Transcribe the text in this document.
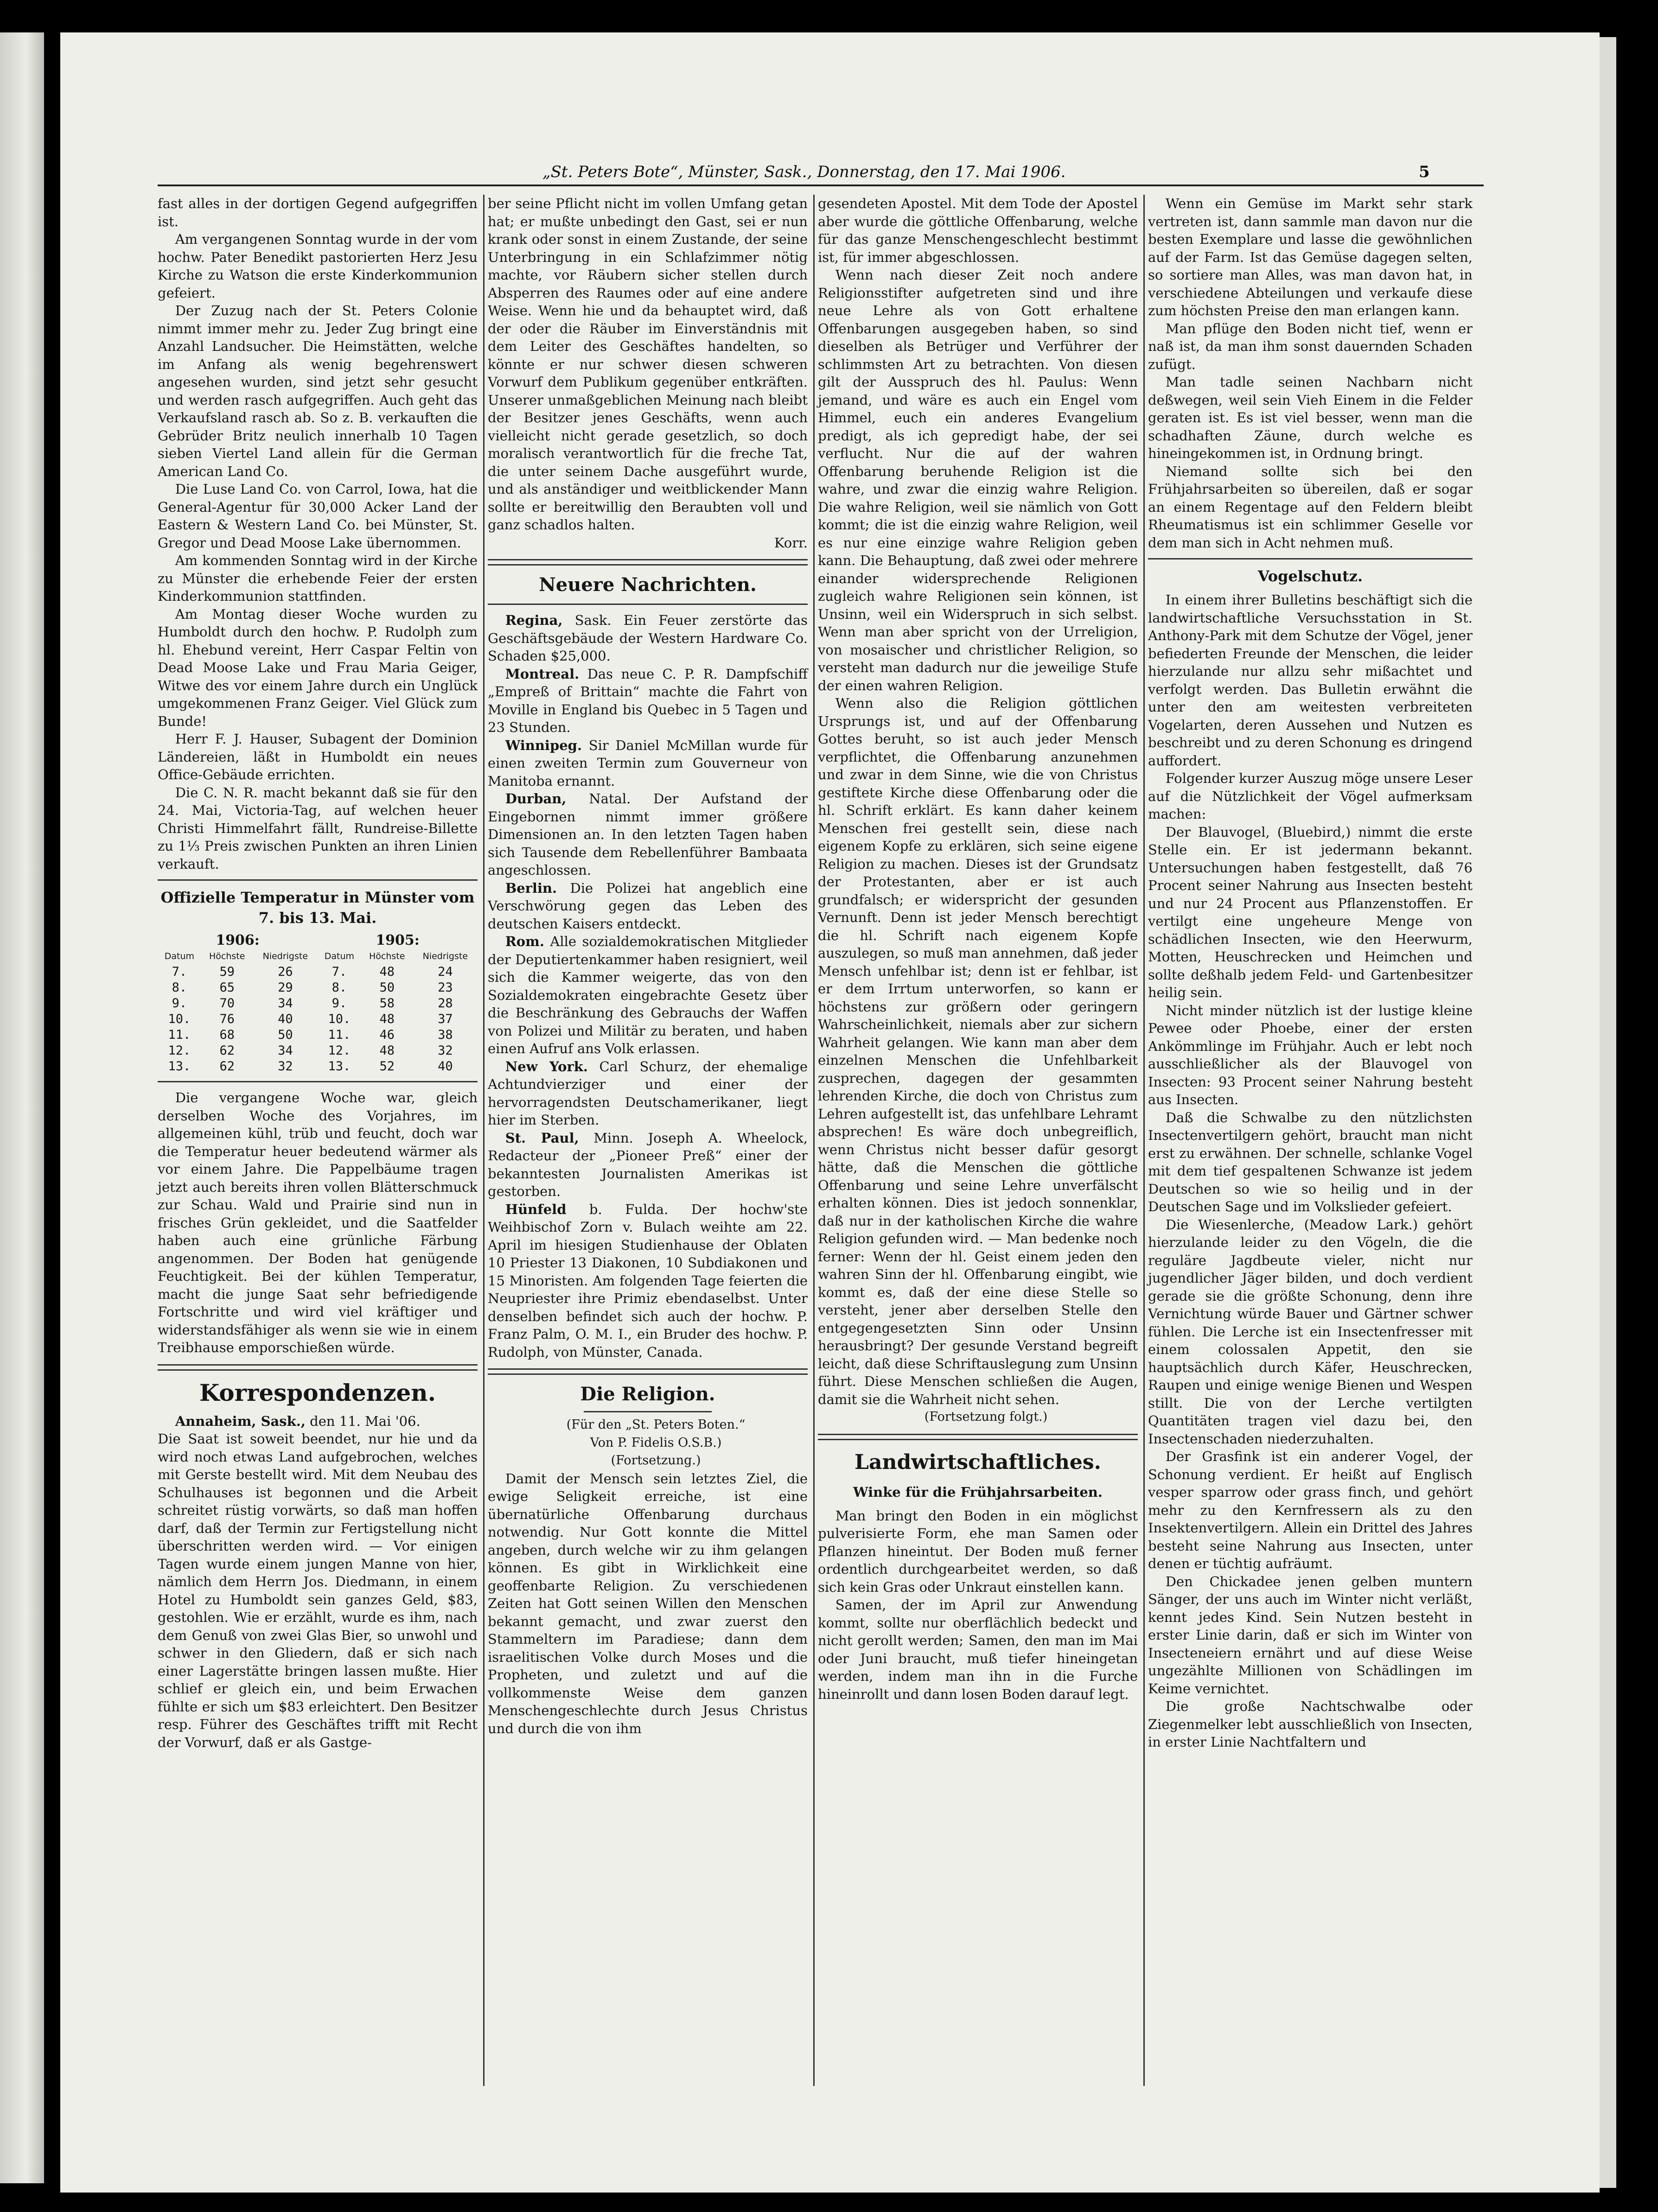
„St. Peters Bote“, Münster, Sask., Donnerstag, den 17. Mai 1906.	5

fast alles in der dortigen Gegend aufgegriffen ist.

Am vergangenen Sonntag wurde in der vom hochw. Pater Benedikt pastorierten Herz Jesu Kirche zu Watson die erste Kinderkommunion gefeiert.

Der Zuzug nach der St. Peters Colonie nimmt immer mehr zu. Jeder Zug bringt eine Anzahl Landsucher. Die Heimstätten, welche im Anfang als wenig begehrenswert angesehen wurden, sind jetzt sehr gesucht und werden rasch aufgegriffen. Auch geht das Verkaufsland rasch ab. So z. B. verkauften die Gebrüder Britz neulich innerhalb 10 Tagen sieben Viertel Land allein für die German American Land Co.

Die Luse Land Co. von Carrol, Iowa, hat die General-Agentur für 30,000 Acker Land der Eastern & Western Land Co. bei Münster, St. Gregor und Dead Moose Lake übernommen.

Am kommenden Sonntag wird in der Kirche zu Münster die erhebende Feier der ersten Kinderkommunion stattfinden.

Am Montag dieser Woche wurden zu Humboldt durch den hochw. P. Rudolph zum hl. Ehebund vereint, Herr Caspar Feltin von Dead Moose Lake und Frau Maria Geiger, Witwe des vor einem Jahre durch ein Unglück umgekommenen Franz Geiger. Viel Glück zum Bunde!

Herr F. J. Hauser, Subagent der Dominion Ländereien, läßt in Humboldt ein neues Office-Gebäude errichten.

Die C. N. R. macht bekannt daß sie für den 24. Mai, Victoria-Tag, auf welchen heuer Christi Himmelfahrt fällt, Rundreise-Billette zu 1⅓ Preis zwischen Punkten an ihren Linien verkauft.

Offizielle Temperatur in Münster vom 7. bis 13. Mai.
1906:			1905:		
Datum	Höchste	Niedrigste	Datum	Höchste	Niedrigste
7.	59	26	7.	48	24
8.	65	29	8.	50	23
9.	70	34	9.	58	28
10.	76	40	10.	48	37
11.	68	50	11.	46	38
12.	62	34	12.	48	32
13.	62	32	13.	52	40

Die vergangene Woche war, gleich derselben Woche des Vorjahres, im allgemeinen kühl, trüb und feucht, doch war die Temperatur heuer bedeutend wärmer als vor einem Jahre. Die Pappelbäume tragen jetzt auch bereits ihren vollen Blätterschmuck zur Schau. Wald und Prairie sind nun in frisches Grün gekleidet, und die Saatfelder haben auch eine grünliche Färbung angenommen. Der Boden hat genügende Feuchtigkeit. Bei der kühlen Temperatur, macht die junge Saat sehr befriedigende Fortschritte und wird viel kräftiger und widerstandsfähiger als wenn sie wie in einem Treibhause emporschießen würde.

Korrespondenzen.

Annaheim, Sask., den 11. Mai '06.

Die Saat ist soweit beendet, nur hie und da wird noch etwas Land aufgebrochen, welches mit Gerste bestellt wird. Mit dem Neubau des Schulhauses ist begonnen und die Arbeit schreitet rüstig vorwärts, so daß man hoffen darf, daß der Termin zur Fertigstellung nicht überschritten werden wird. — Vor einigen Tagen wurde einem jungen Manne von hier, nämlich dem Herrn Jos. Diedmann, in einem Hotel zu Humboldt sein ganzes Geld, $83, gestohlen. Wie er erzählt, wurde es ihm, nach dem Genuß von zwei Glas Bier, so unwohl und schwer in den Gliedern, daß er sich nach einer Lagerstätte bringen lassen mußte. Hier schlief er gleich ein, und beim Erwachen fühlte er sich um $83 erleichtert. Den Besitzer resp. Führer des Geschäftes trifft mit Recht der Vorwurf, daß er als Gastge-

ber seine Pflicht nicht im vollen Umfang getan hat; er mußte unbedingt den Gast, sei er nun krank oder sonst in einem Zustande, der seine Unterbringung in ein Schlafzimmer nötig machte, vor Räubern sicher stellen durch Absperren des Raumes oder auf eine andere Weise. Wenn hie und da behauptet wird, daß der oder die Räuber im Einverständnis mit dem Leiter des Geschäftes handelten, so könnte er nur schwer diesen schweren Vorwurf dem Publikum gegenüber entkräften. Unserer unmaßgeblichen Meinung nach bleibt der Besitzer jenes Geschäfts, wenn auch vielleicht nicht gerade gesetzlich, so doch moralisch verantwortlich für die freche Tat, die unter seinem Dache ausgeführt wurde, und als anständiger und weitblickender Mann sollte er bereitwillig den Beraubten voll und ganz schadlos halten.

Korr.

Neuere Nachrichten.

Regina, Sask. Ein Feuer zerstörte das Geschäftsgebäude der Western Hardware Co. Schaden $25,000.

Montreal. Das neue C. P. R. Dampfschiff „Empreß of Brittain“ machte die Fahrt von Moville in England bis Quebec in 5 Tagen und 23 Stunden.

Winnipeg. Sir Daniel McMillan wurde für einen zweiten Termin zum Gouverneur von Manitoba ernannt.

Durban, Natal. Der Aufstand der Eingebornen nimmt immer größere Dimensionen an. In den letzten Tagen haben sich Tausende dem Rebellenführer Bambaata angeschlossen.

Berlin. Die Polizei hat angeblich eine Verschwörung gegen das Leben des deutschen Kaisers entdeckt.

Rom. Alle sozialdemokratischen Mitglieder der Deputiertenkammer haben resigniert, weil sich die Kammer weigerte, das von den Sozialdemokraten eingebrachte Gesetz über die Beschränkung des Gebrauchs der Waffen von Polizei und Militär zu beraten, und haben einen Aufruf ans Volk erlassen.

New York. Carl Schurz, der ehemalige Achtundvierziger und einer der hervorragendsten Deutschamerikaner, liegt hier im Sterben.

St. Paul, Minn. Joseph A. Wheelock, Redacteur der „Pioneer Preß“ einer der bekanntesten Journalisten Amerikas ist gestorben.

Hünfeld b. Fulda. Der hochw'ste Weihbischof Zorn v. Bulach weihte am 22. April im hiesigen Studienhause der Oblaten 10 Priester 13 Diakonen, 10 Subdiakonen und 15 Minoristen. Am folgenden Tage feierten die Neupriester ihre Primiz ebendaselbst. Unter denselben befindet sich auch der hochw. P. Franz Palm, O. M. I., ein Bruder des hochw. P. Rudolph, von Münster, Canada.

Die Religion.

(Für den „St. Peters Boten.“

Von P. Fidelis O.S.B.)

(Fortsetzung.)

Damit der Mensch sein letztes Ziel, die ewige Seligkeit erreiche, ist eine übernatürliche Offenbarung durchaus notwendig. Nur Gott konnte die Mittel angeben, durch welche wir zu ihm gelangen können. Es gibt in Wirklichkeit eine geoffenbarte Religion. Zu verschiedenen Zeiten hat Gott seinen Willen den Menschen bekannt gemacht, und zwar zuerst den Stammeltern im Paradiese; dann dem israelitischen Volke durch Moses und die Propheten, und zuletzt und auf die vollkommenste Weise dem ganzen Menschengeschlechte durch Jesus Christus und durch die von ihm

gesendeten Apostel. Mit dem Tode der Apostel aber wurde die göttliche Offenbarung, welche für das ganze Menschengeschlecht bestimmt ist, für immer abgeschlossen.

Wenn nach dieser Zeit noch andere Religionsstifter aufgetreten sind und ihre neue Lehre als von Gott erhaltene Offenbarungen ausgegeben haben, so sind dieselben als Betrüger und Verführer der schlimmsten Art zu betrachten. Von diesen gilt der Ausspruch des hl. Paulus: Wenn jemand, und wäre es auch ein Engel vom Himmel, euch ein anderes Evangelium predigt, als ich gepredigt habe, der sei verflucht. Nur die auf der wahren Offenbarung beruhende Religion ist die wahre, und zwar die einzig wahre Religion. Die wahre Religion, weil sie nämlich von Gott kommt; die ist die einzig wahre Religion, weil es nur eine einzige wahre Religion geben kann. Die Behauptung, daß zwei oder mehrere einander widersprechende Religionen zugleich wahre Religionen sein können, ist Unsinn, weil ein Widerspruch in sich selbst. Wenn man aber spricht von der Urreligion, von mosaischer und christlicher Religion, so versteht man dadurch nur die jeweilige Stufe der einen wahren Religion.

Wenn also die Religion göttlichen Ursprungs ist, und auf der Offenbarung Gottes beruht, so ist auch jeder Mensch verpflichtet, die Offenbarung anzunehmen und zwar in dem Sinne, wie die von Christus gestiftete Kirche diese Offenbarung oder die hl. Schrift erklärt. Es kann daher keinem Menschen frei gestellt sein, diese nach eigenem Kopfe zu erklären, sich seine eigene Religion zu machen. Dieses ist der Grundsatz der Protestanten, aber er ist auch grundfalsch; er widerspricht der gesunden Vernunft. Denn ist jeder Mensch berechtigt die hl. Schrift nach eigenem Kopfe auszulegen, so muß man annehmen, daß jeder Mensch unfehlbar ist; denn ist er fehlbar, ist er dem Irrtum unterworfen, so kann er höchstens zur größern oder geringern Wahrscheinlichkeit, niemals aber zur sichern Wahrheit gelangen. Wie kann man aber dem einzelnen Menschen die Unfehlbarkeit zusprechen, dagegen der gesammten lehrenden Kirche, die doch von Christus zum Lehren aufgestellt ist, das unfehlbare Lehramt absprechen! Es wäre doch unbegreiflich, wenn Christus nicht besser dafür gesorgt hätte, daß die Menschen die göttliche Offenbarung und seine Lehre unverfälscht erhalten können. Dies ist jedoch sonnenklar, daß nur in der katholischen Kirche die wahre Religion gefunden wird. — Man bedenke noch ferner: Wenn der hl. Geist einem jeden den wahren Sinn der hl. Offenbarung eingibt, wie kommt es, daß der eine diese Stelle so versteht, jener aber derselben Stelle den entgegengesetzten Sinn oder Unsinn herausbringt? Der gesunde Verstand begreift leicht, daß diese Schriftauslegung zum Unsinn führt. Diese Menschen schließen die Augen, damit sie die Wahrheit nicht sehen.

(Fortsetzung folgt.)

Landwirtschaftliches.
Winke für die Frühjahrsarbeiten.

Man bringt den Boden in ein möglichst pulverisierte Form, ehe man Samen oder Pflanzen hineintut. Der Boden muß ferner ordentlich durchgearbeitet werden, so daß sich kein Gras oder Unkraut einstellen kann.

Samen, der im April zur Anwendung kommt, sollte nur oberflächlich bedeckt und nicht gerollt werden; Samen, den man im Mai oder Juni braucht, muß tiefer hineingetan werden, indem man ihn in die Furche hineinrollt und dann losen Boden darauf legt.

Wenn ein Gemüse im Markt sehr stark vertreten ist, dann sammle man davon nur die besten Exemplare und lasse die gewöhnlichen auf der Farm. Ist das Gemüse dagegen selten, so sortiere man Alles, was man davon hat, in verschiedene Abteilungen und verkaufe diese zum höchsten Preise den man erlangen kann.

Man pflüge den Boden nicht tief, wenn er naß ist, da man ihm sonst dauernden Schaden zufügt.

Man tadle seinen Nachbarn nicht deßwegen, weil sein Vieh Einem in die Felder geraten ist. Es ist viel besser, wenn man die schadhaften Zäune, durch welche es hineingekommen ist, in Ordnung bringt.

Niemand sollte sich bei den Frühjahrsarbeiten so übereilen, daß er sogar an einem Regentage auf den Feldern bleibt Rheumatismus ist ein schlimmer Geselle vor dem man sich in Acht nehmen muß.

Vogelschutz.

In einem ihrer Bulletins beschäftigt sich die landwirtschaftliche Versuchsstation in St. Anthony-Park mit dem Schutze der Vögel, jener befiederten Freunde der Menschen, die leider hierzulande nur allzu sehr mißachtet und verfolgt werden. Das Bulletin erwähnt die unter den am weitesten verbreiteten Vogelarten, deren Aussehen und Nutzen es beschreibt und zu deren Schonung es dringend auffordert.

Folgender kurzer Auszug möge unsere Leser auf die Nützlichkeit der Vögel aufmerksam machen:

Der Blauvogel, (Bluebird,) nimmt die erste Stelle ein. Er ist jedermann bekannt. Untersuchungen haben festgestellt, daß 76 Procent seiner Nahrung aus Insecten besteht und nur 24 Procent aus Pflanzenstoffen. Er vertilgt eine ungeheure Menge von schädlichen Insecten, wie den Heerwurm, Motten, Heuschrecken und Heimchen und sollte deßhalb jedem Feld- und Gartenbesitzer heilig sein.

Nicht minder nützlich ist der lustige kleine Pewee oder Phoebe, einer der ersten Ankömmlinge im Frühjahr. Auch er lebt noch ausschließlicher als der Blauvogel von Insecten: 93 Procent seiner Nahrung besteht aus Insecten.

Daß die Schwalbe zu den nützlichsten Insectenvertilgern gehört, braucht man nicht erst zu erwähnen. Der schnelle, schlanke Vogel mit dem tief gespaltenen Schwanze ist jedem Deutschen so wie so heilig und in der Deutschen Sage und im Volkslieder gefeiert.

Die Wiesenlerche, (Meadow Lark.) gehört hierzulande leider zu den Vögeln, die die reguläre Jagdbeute vieler, nicht nur jugendlicher Jäger bilden, und doch verdient gerade sie die größte Schonung, denn ihre Vernichtung würde Bauer und Gärtner schwer fühlen. Die Lerche ist ein Insectenfresser mit einem colossalen Appetit, den sie hauptsächlich durch Käfer, Heuschrecken, Raupen und einige wenige Bienen und Wespen stillt. Die von der Lerche vertilgten Quantitäten tragen viel dazu bei, den Insectenschaden niederzuhalten.

Der Grasfink ist ein anderer Vogel, der Schonung verdient. Er heißt auf Englisch vesper sparrow oder grass finch, und gehört mehr zu den Kernfressern als zu den Insektenvertilgern. Allein ein Drittel des Jahres besteht seine Nahrung aus Insecten, unter denen er tüchtig aufräumt.

Den Chickadee jenen gelben muntern Sänger, der uns auch im Winter nicht verläßt, kennt jedes Kind. Sein Nutzen besteht in erster Linie darin, daß er sich im Winter von Insecteneiern ernährt und auf diese Weise ungezählte Millionen von Schädlingen im Keime vernichtet.

Die große Nachtschwalbe oder Ziegenmelker lebt ausschließlich von Insecten, in erster Linie Nachtfaltern und
